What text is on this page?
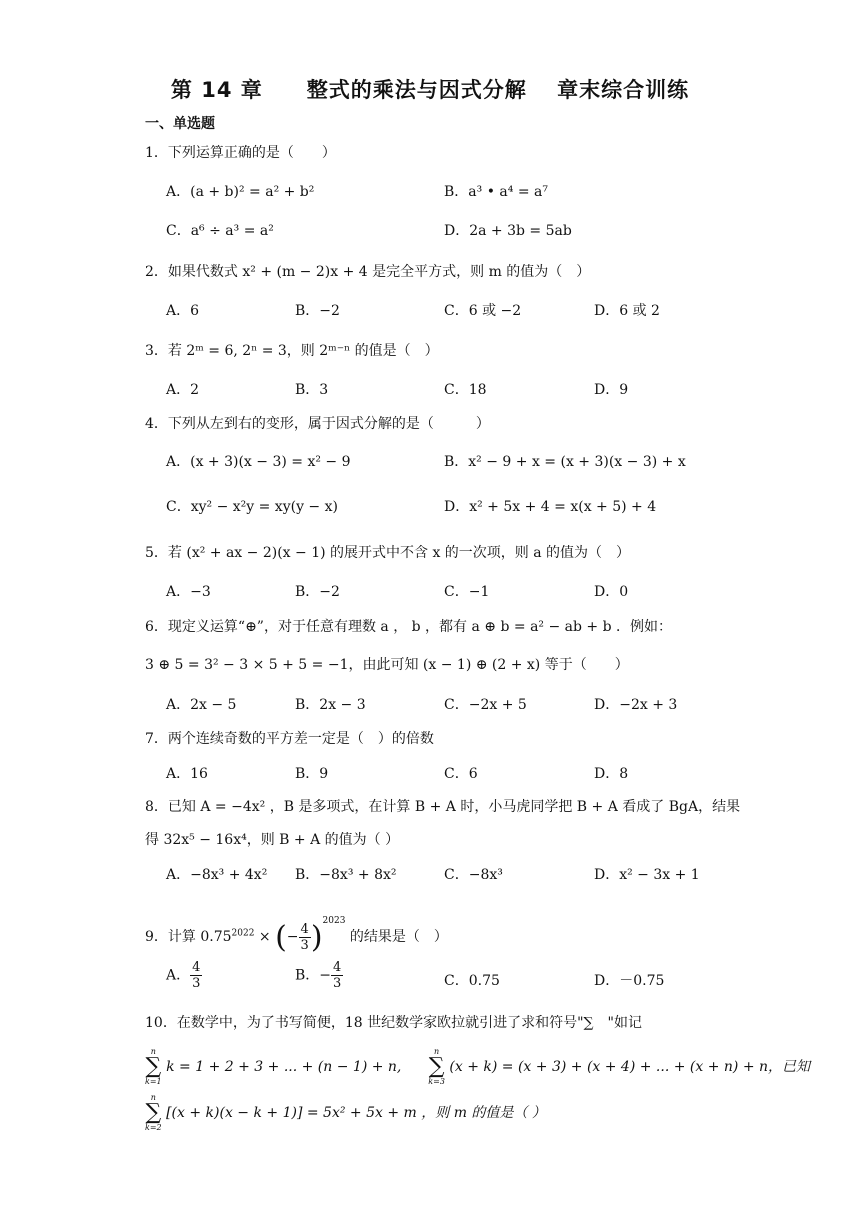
第 14 章　　整式的乘法与因式分解　 章末综合训练
一、单选题
1．下列运算正确的是（　　）
A．(a + b)² = a² + b²	B．a³ • a⁴ = a⁷
C．a⁶ ÷ a³ = a²	D．2a + 3b = 5ab
2．如果代数式 x² + (m − 2)x + 4 是完全平方式，则 m 的值为（　）
A．6	B．−2	C．6 或 −2	D．6 或 2
3．若 2ᵐ = 6, 2ⁿ = 3，则 2ᵐ⁻ⁿ 的值是（　）
A．2	B．3	C．18	D．9
4．下列从左到右的变形，属于因式分解的是（　　　）
A．(x + 3)(x − 3) = x² − 9	B．x² − 9 + x = (x + 3)(x − 3) + x
C．xy² − x²y = xy(y − x)	D．x² + 5x + 4 = x(x + 5) + 4
5．若 (x² + ax − 2)(x − 1) 的展开式中不含 x 的一次项，则 a 的值为（　）
A．−3	B．−2	C．−1	D．0
6．现定义运算“⊕”，对于任意有理数 a ， b ，都有 a ⊕ b = a² − ab + b ．例如：
3 ⊕ 5 = 3² − 3 × 5 + 5 = −1，由此可知 (x − 1) ⊕ (2 + x) 等于（　　）
A．2x − 5	B．2x − 3	C．−2x + 5	D．−2x + 3
7．两个连续奇数的平方差一定是（　）的倍数
A．16	B．9	C．6	D．8
8．已知 A = −4x² ，B 是多项式，在计算 B + A 时，小马虎同学把 B + A 看成了 BgA，结果
得 32x⁵ − 16x⁴，则 B + A 的值为（ ）
A．−8x³ + 4x² B．−8x³ + 8x²	C．−8x³	D．x² − 3x + 1
9．计算 $0.75^{2022}$ × (− $\frac{4}{3} )^{2023}$ 的结果是（　）
A． $\frac{4}{3}$	B．− $\frac{4}{3}$	C．0.75	D．－0.75
10．在数学中，为了书写简便，18 世纪数学家欧拉就引进了求和符号"∑　"如记
n
∑
k=1
k = 1 + 2 + 3 + ... + (n − 1) + n,
n
∑
k=3
(x + k) = (x + 3) + (x + 4) + ... + (x + n) + n，已知
n
∑
k=2
[(x + k)(x − k + 1)] = 5x² + 5x + m ，则 m 的值是（ ）
